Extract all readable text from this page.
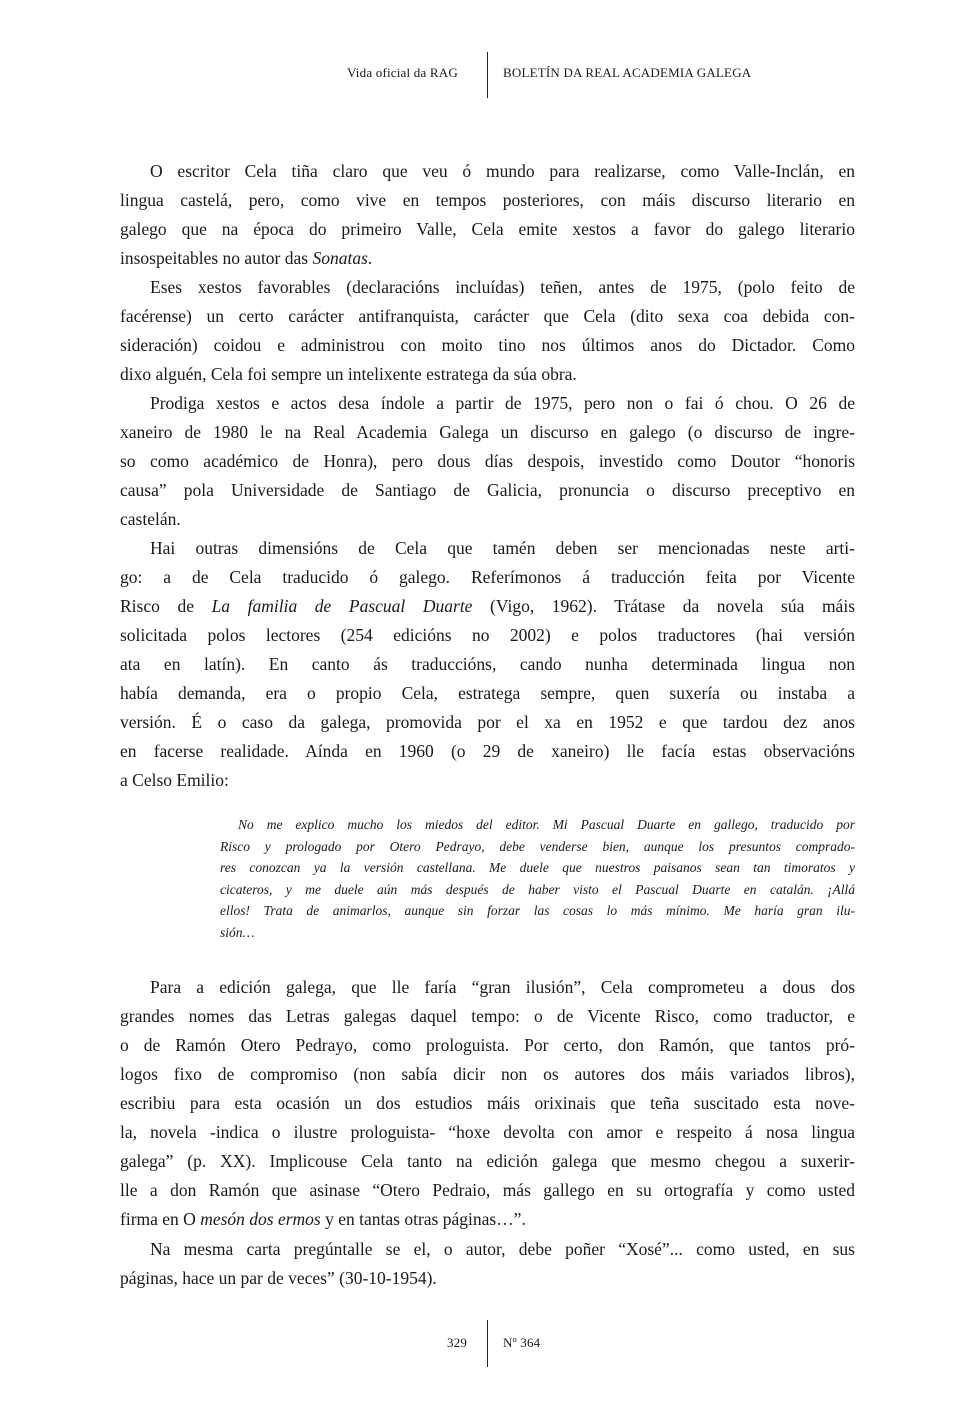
Vida oficial da RAG	BOLETÍN DA REAL ACADEMIA GALEGA
O escritor Cela tiña claro que veu ó mundo para realizarse, como Valle-Inclán, en
lingua castelá, pero, como vive en tempos posteriores, con máis discurso literario en
galego que na época do primeiro Valle, Cela emite xestos a favor do galego literario
insospeitables no autor das Sonatas.
Eses xestos favorables (declaracións incluídas) teñen, antes de 1975, (polo feito de
facérense) un certo carácter antifranquista, carácter que Cela (dito sexa coa debida con-
sideración) coidou e administrou con moito tino nos últimos anos do Dictador. Como
dixo alguén, Cela foi sempre un intelixente estratega da súa obra.
Prodiga xestos e actos desa índole a partir de 1975, pero non o fai ó chou. O 26 de
xaneiro de 1980 le na Real Academia Galega un discurso en galego (o discurso de ingre-
so como académico de Honra), pero dous días despois, investido como Doutor “honoris
causa” pola Universidade de Santiago de Galicia, pronuncia o discurso preceptivo en
castelán.
Hai outras dimensións de Cela que tamén deben ser mencionadas neste arti-
go: a de Cela traducido ó galego. Referímonos á traducción feita por Vicente
Risco de La familia de Pascual Duarte (Vigo, 1962). Trátase da novela súa máis
solicitada polos lectores (254 edicións no 2002) e polos traductores (hai versión
ata en latín). En canto ás traduccións, cando nunha determinada lingua non
había demanda, era o propio Cela, estratega sempre, quen suxería ou instaba a
versión. É o caso da galega, promovida por el xa en 1952 e que tardou dez anos
en facerse realidade. Aínda en 1960 (o 29 de xaneiro) lle facía estas observacións
a Celso Emilio:
No me explico mucho los miedos del editor. Mi Pascual Duarte en gallego, traducido por
Risco y prologado por Otero Pedrayo, debe venderse bien, aunque los presuntos comprado-
res conozcan ya la versión castellana. Me duele que nuestros paisanos sean tan timoratos y
cicateros, y me duele aún más después de haber visto el Pascual Duarte en catalán. ¡Allá
ellos! Trata de animarlos, aunque sin forzar las cosas lo más mínimo. Me haría gran ilu-
sión…
Para a edición galega, que lle faría “gran ilusión”, Cela comprometeu a dous dos
grandes nomes das Letras galegas daquel tempo: o de Vicente Risco, como traductor, e
o de Ramón Otero Pedrayo, como prologuista. Por certo, don Ramón, que tantos pró-
logos fixo de compromiso (non sabía dicir non os autores dos máis variados libros),
escribiu para esta ocasión un dos estudios máis orixinais que teña suscitado esta nove-
la, novela -indica o ilustre prologuista- “hoxe devolta con amor e respeito á nosa lingua
galega” (p. XX). Implicouse Cela tanto na edición galega que mesmo chegou a suxerir-
lle a don Ramón que asinase “Otero Pedraio, más gallego en su ortografía y como usted
firma en O mesón dos ermos y en tantas otras páginas…”.
Na mesma carta pregúntalle se el, o autor, debe poñer “Xosé”... como usted, en sus
páginas, hace un par de veces” (30-10-1954).
329	Nº 364
